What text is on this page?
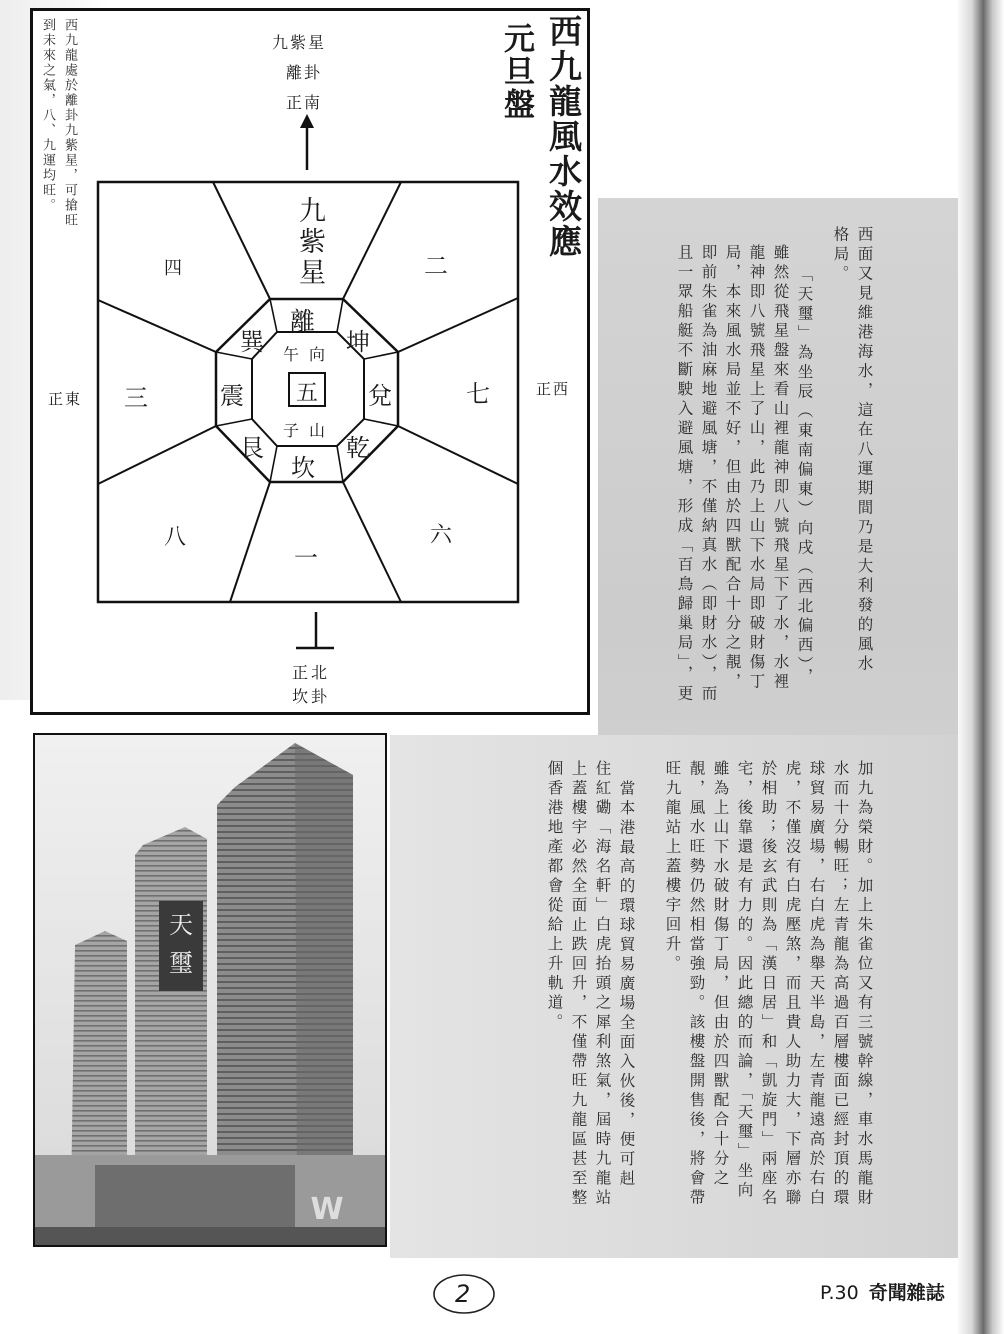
西九龍風水效應
元旦盤
西九龍處於離卦九紫星，可搶旺
到未來之氣，八、九運均旺。	九紫星
離卦
正南
九紫星
四	二
三	七
八	六
一
離
坤
兌
乾
坎
艮
震
巽 午向
五
子山
正東
正西
正北
坎卦
西面又見維港海水，這在八運期間乃是大利發的風水
格局。
「天璽」為坐辰（東南偏東）向戌（西北偏西），
雖然從飛星盤來看山裡龍神即八號飛星下了水，水裡
龍神即八號飛星上了山，此乃上山下水局即破財傷丁
局，本來風水局並不好，但由於四獸配合十分之靚，
即前朱雀為油麻地避風塘，不僅納真水（即財水），而
且一眾船艇不斷駛入避風塘，形成「百鳥歸巢局」，更
加九為榮財。加上朱雀位又有三號幹線，車水馬龍財
水而十分暢旺；左青龍為高過百層樓面已經封頂的環
球貿易廣場，右白虎為舉天半島，左青龍遠高於右白
虎，不僅沒有白虎壓煞，而且貴人助力大，下層亦聯
於相助；後玄武則為「漢日居」和「凱旋門」兩座名
宅，後靠還是有力的。因此總的而論，「天璽」坐向
雖為上山下水破財傷丁局，但由於四獸配合十分之
靚，風水旺勢仍然相當強勁。該樓盤開售後，將會帶
旺九龍站上蓋樓宇回升。
當本港最高的環球貿易廣場全面入伙後，便可赳
住紅磡「海名軒」白虎抬頭之犀利煞氣，屆時九龍站
上蓋樓宇必然全面止跌回升，不僅帶旺九龍區甚至整
個香港地產都會從給上升軌道。
天
璽
W
2	P.30 奇聞雜誌
